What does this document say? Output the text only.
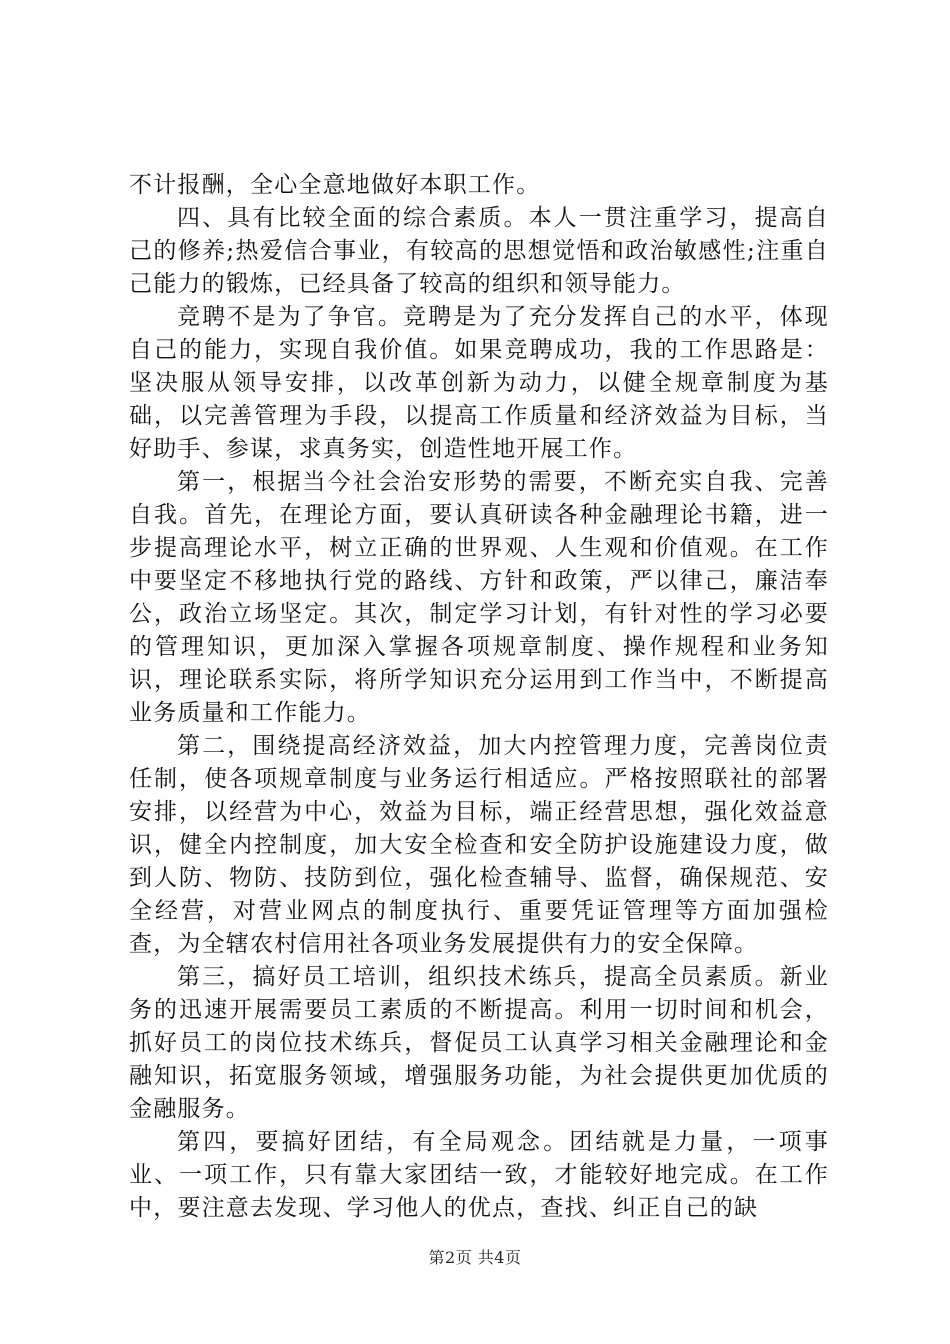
不计报酬，全心全意地做好本职工作。

四、具有比较全面的综合素质。本人一贯注重学习，提高自己的修养;热爱信合事业，有较高的思想觉悟和政治敏感性;注重自己能力的锻炼，已经具备了较高的组织和领导能力。

竞聘不是为了争官。竞聘是为了充分发挥自己的水平，体现自己的能力，实现自我价值。如果竞聘成功，我的工作思路是：坚决服从领导安排，以改革创新为动力，以健全规章制度为基础，以完善管理为手段，以提高工作质量和经济效益为目标，当好助手、参谋，求真务实，创造性地开展工作。

第一，根据当今社会治安形势的需要，不断充实自我、完善自我。首先，在理论方面，要认真研读各种金融理论书籍，进一步提高理论水平，树立正确的世界观、人生观和价值观。在工作中要坚定不移地执行党的路线、方针和政策，严以律己，廉洁奉公，政治立场坚定。其次，制定学习计划，有针对性的学习必要的管理知识，更加深入掌握各项规章制度、操作规程和业务知识，理论联系实际，将所学知识充分运用到工作当中，不断提高业务质量和工作能力。

第二，围绕提高经济效益，加大内控管理力度，完善岗位责任制，使各项规章制度与业务运行相适应。严格按照联社的部署安排，以经营为中心，效益为目标，端正经营思想，强化效益意识，健全内控制度，加大安全检查和安全防护设施建设力度，做到人防、物防、技防到位，强化检查辅导、监督，确保规范、安全经营，对营业网点的制度执行、重要凭证管理等方面加强检查，为全辖农村信用社各项业务发展提供有力的安全保障。

第三，搞好员工培训，组织技术练兵，提高全员素质。新业务的迅速开展需要员工素质的不断提高。利用一切时间和机会，抓好员工的岗位技术练兵，督促员工认真学习相关金融理论和金融知识，拓宽服务领域，增强服务功能，为社会提供更加优质的金融服务。

第四，要搞好团结，有全局观念。团结就是力量，一项事业、一项工作，只有靠大家团结一致，才能较好地完成。在工作中，要注意去发现、学习他人的优点，查找、纠正自己的缺

第2页 共4页
